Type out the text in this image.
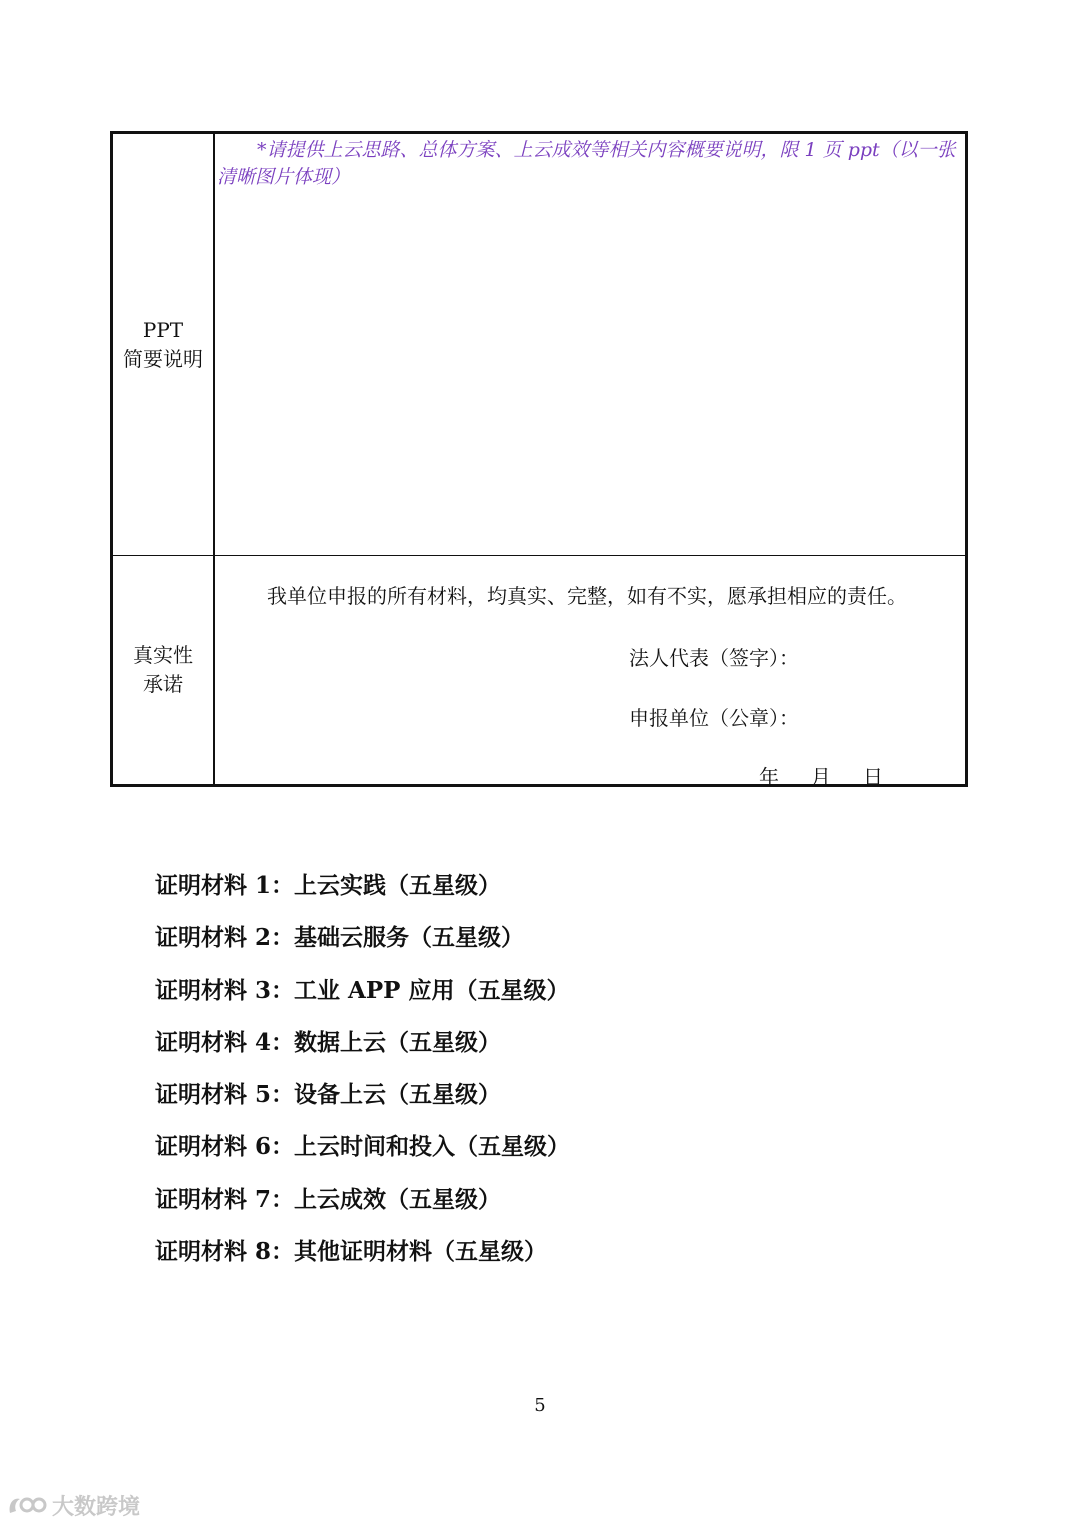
PPT
简要说明

*请提供上云思路、总体方案、上云成效等相关内容概要说明，限 1 页 ppt（以一张清晰图片体现）

真实性
承诺
我单位申报的所有材料，均真实、完整，如有不实，愿承担相应的责任。
法人代表（签字）：
申报单位（公章）：
年 月 日
证明材料 1：上云实践（五星级）
证明材料 2：基础云服务（五星级）
证明材料 3：工业 APP 应用（五星级）
证明材料 4：数据上云（五星级）
证明材料 5：设备上云（五星级）
证明材料 6：上云时间和投入（五星级）
证明材料 7：上云成效（五星级）
证明材料 8：其他证明材料（五星级）
5
大数跨境
